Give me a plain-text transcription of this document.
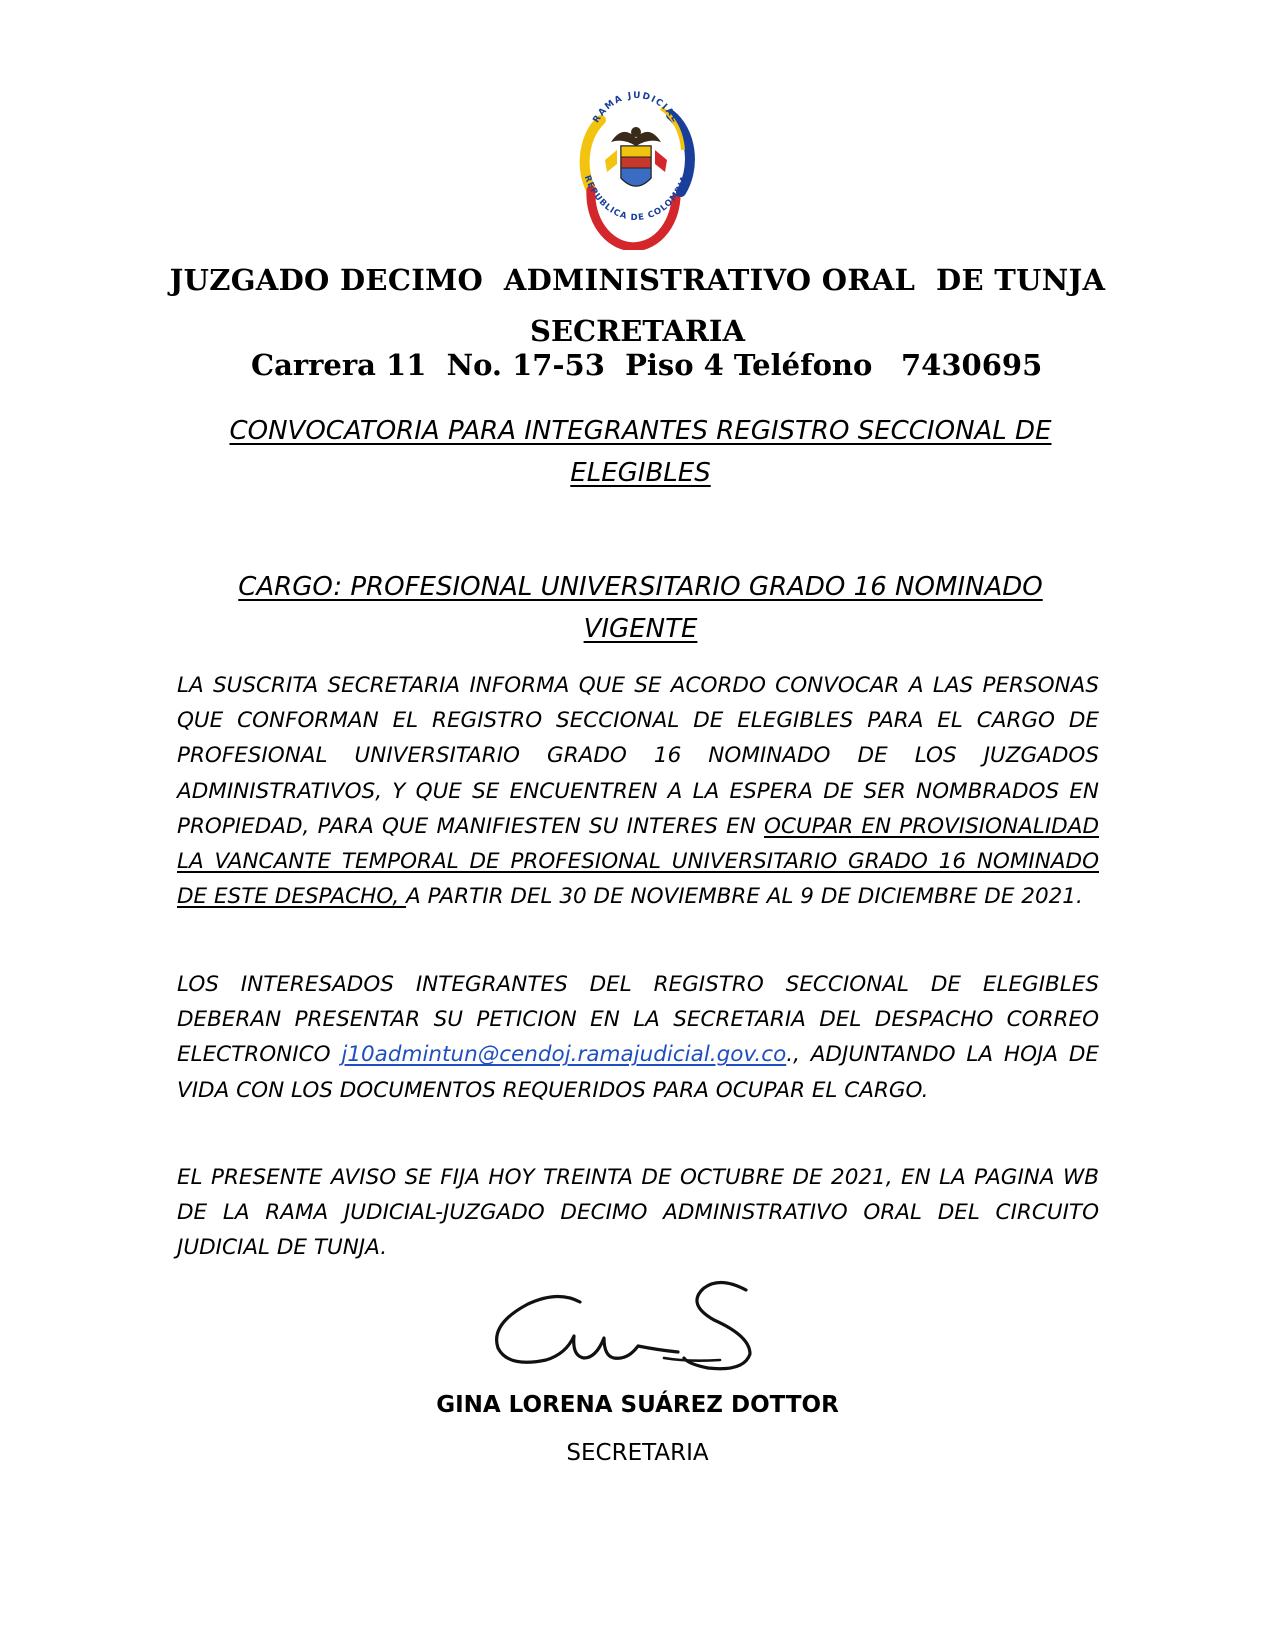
RAMA JUDICIAL
REPUBLICA DE COLOMBIA
JUZGADO DECIMO  ADMINISTRATIVO ORAL  DE TUNJA
SECRETARIA

Carrera 11  No. 17-53  Piso 4 Teléfono

7430695

CONVOCATORIA PARA INTEGRANTES REGISTRO SECCIONAL DE ELEGIBLES
CARGO: PROFESIONAL UNIVERSITARIO GRADO 16 NOMINADO VIGENTE

LA SUSCRITA SECRETARIA INFORMA QUE SE ACORDO CONVOCAR A LAS PERSONAS QUE CONFORMAN EL REGISTRO SECCIONAL DE ELEGIBLES PARA EL CARGO DE PROFESIONAL UNIVERSITARIO GRADO 16 NOMINADO DE LOS JUZGADOS ADMINISTRATIVOS, Y QUE SE ENCUENTREN A LA ESPERA DE SER NOMBRADOS EN PROPIEDAD, PARA QUE MANIFIESTEN SU INTERES EN OCUPAR EN PROVISIONALIDAD LA VANCANTE TEMPORAL DE PROFESIONAL UNIVERSITARIO GRADO 16 NOMINADO DE ESTE DESPACHO, A PARTIR DEL 30 DE NOVIEMBRE AL 9 DE DICIEMBRE DE 2021.

LOS INTERESADOS INTEGRANTES DEL REGISTRO SECCIONAL DE ELEGIBLES DEBERAN PRESENTAR SU PETICION EN LA SECRETARIA DEL DESPACHO CORREO ELECTRONICO j10admintun@cendoj.ramajudicial.gov.co., ADJUNTANDO LA HOJA DE VIDA CON LOS DOCUMENTOS REQUERIDOS PARA OCUPAR EL CARGO.

EL PRESENTE AVISO SE FIJA HOY TREINTA DE OCTUBRE DE 2021, EN LA PAGINA WB DE LA RAMA JUDICIAL-JUZGADO DECIMO ADMINISTRATIVO ORAL DEL CIRCUITO JUDICIAL DE TUNJA.

GINA LORENA SUÁREZ DOTTOR
SECRETARIA
